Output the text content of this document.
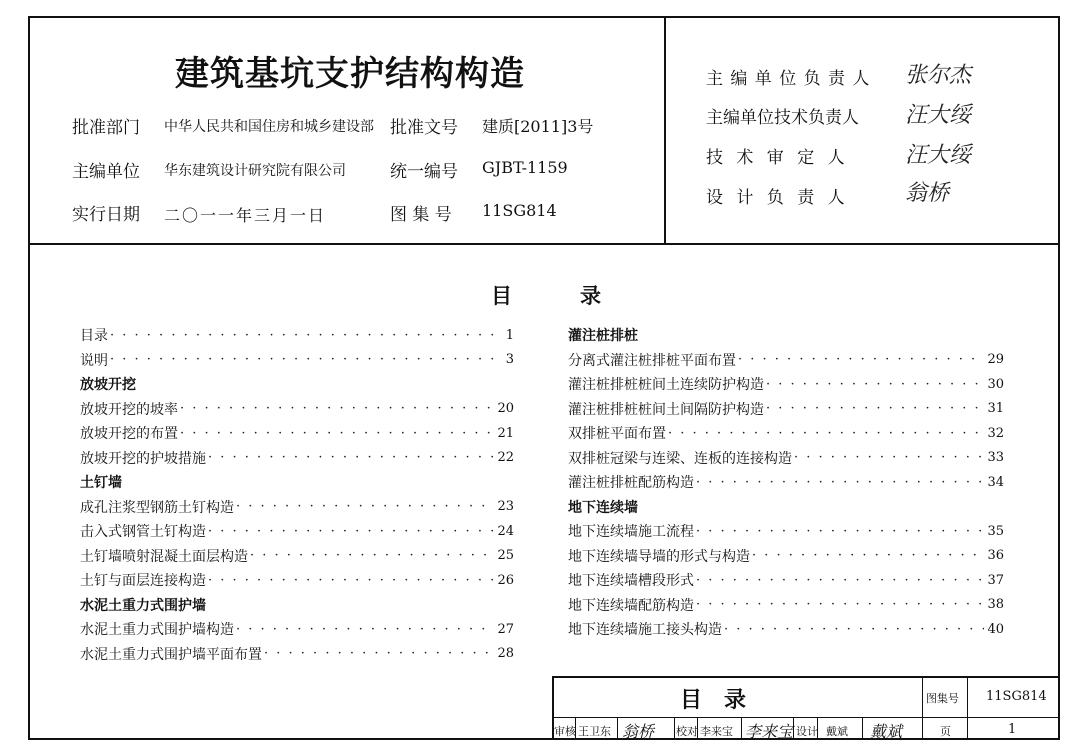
建筑基坑支护结构构造
批准部门 中华人民共和国住房和城乡建设部 批准文号 建质[2011]3号
主编单位 华东建筑设计研究院有限公司	统一编号 GJBT-1159
实行日期 二〇一一年三月一日	图 集 号 11SG814
主 编 单 位 负 责 人 张尔杰
主编单位技术负责人 汪大绥
技 术 审 定 人	汪大绥
设 计 负 责 人	翁桥
目	录
目录 · · ·	1
说明 · · ·	3
放坡开挖
放坡开挖的坡率 · · ·	20
放坡开挖的布置 · · ·	21
放坡开挖的护坡措施 · · ·	22
土钉墙
成孔注浆型钢筋土钉构造 · · ·	23
击入式钢管土钉构造 · · ·	24
土钉墙喷射混凝土面层构造 · · ·	25
土钉与面层连接构造 · · ·	26
水泥土重力式围护墙
水泥土重力式围护墙构造 · · ·	27
水泥土重力式围护墙平面布置 · · ·	28
灌注桩排桩
分离式灌注桩排桩平面布置 · · ·	29
灌注桩排桩桩间土连续防护构造 · · ·	30
灌注桩排桩桩间土间隔防护构造 · · ·	31
双排桩平面布置 · · ·	32
双排桩冠梁与连梁、连板的连接构造 · · ·	33
灌注桩排桩配筋构造 · · ·	34
地下连续墙
地下连续墙施工流程 · · ·	35
地下连续墙导墙的形式与构造 · · ·	36
地下连续墙槽段形式 · · ·	37
地下连续墙配筋构造 · · ·	38
地下连续墙施工接头构造 · · ·	40
目　录	图集号 11SG814
审核 王卫东 翁桥 校对 李来宝 李来宝 设计 戴斌 戴斌	页	1
